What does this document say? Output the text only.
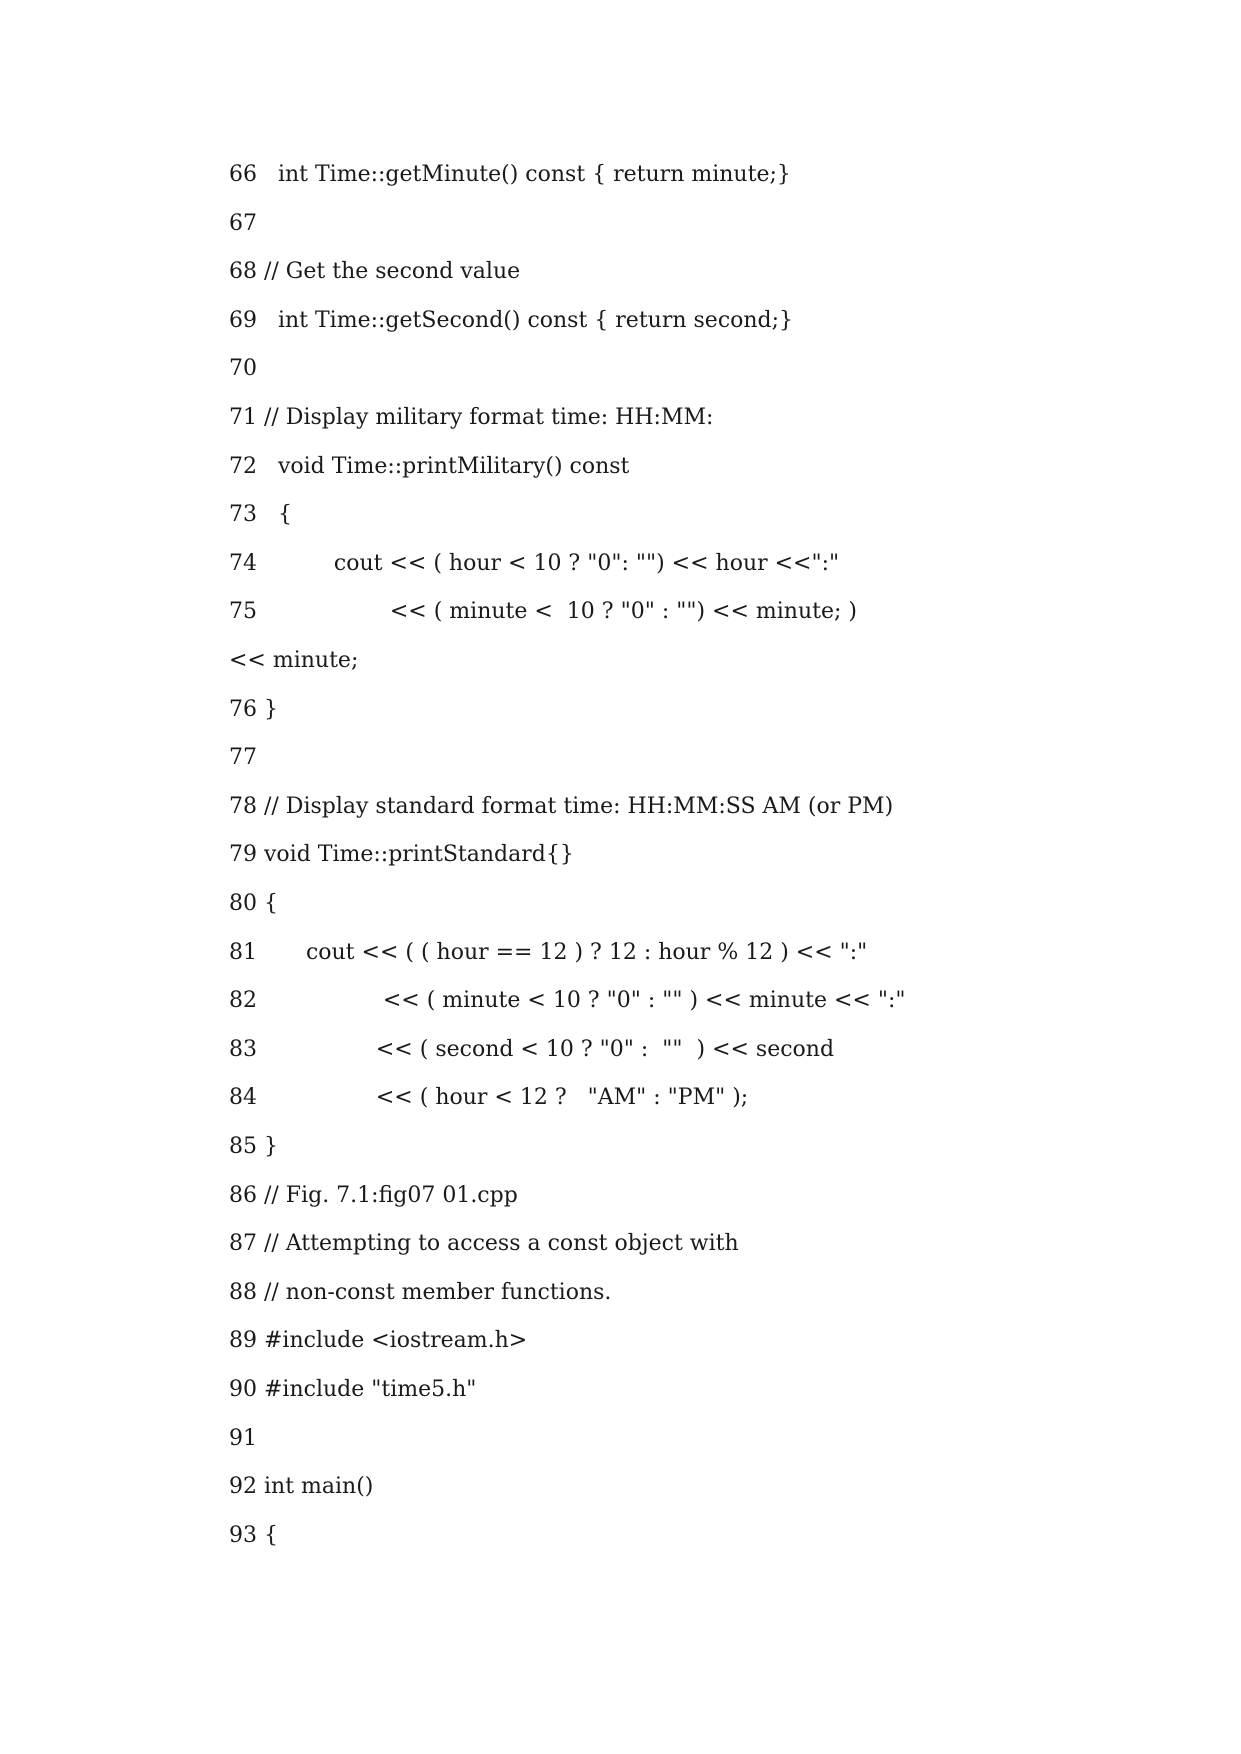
66   int Time::getMinute() const { return minute;}
67
68 // Get the second value
69   int Time::getSecond() const { return second;}
70
71 // Display military format time: HH:MM:
72   void Time::printMilitary() const
73   {
74           cout << ( hour < 10 ? "0": "") << hour <<":"
75                   << ( minute <  10 ? "0" : "") << minute; )
<< minute;
76 }
77
78 // Display standard format time: HH:MM:SS AM (or PM)
79 void Time::printStandard{}
80 {
81       cout << ( ( hour == 12 ) ? 12 : hour % 12 ) << ":"
82                  << ( minute < 10 ? "0" : "" ) << minute << ":"
83                 << ( second < 10 ? "0" :  ""  ) << second
84                 << ( hour < 12 ?   "AM" : "PM" );
85 }
86 // Fig. 7.1:fig07 01.cpp
87 // Attempting to access a const object with
88 // non-const member functions.
89 #include <iostream.h>
90 #include "time5.h"
91
92 int main()
93 {
